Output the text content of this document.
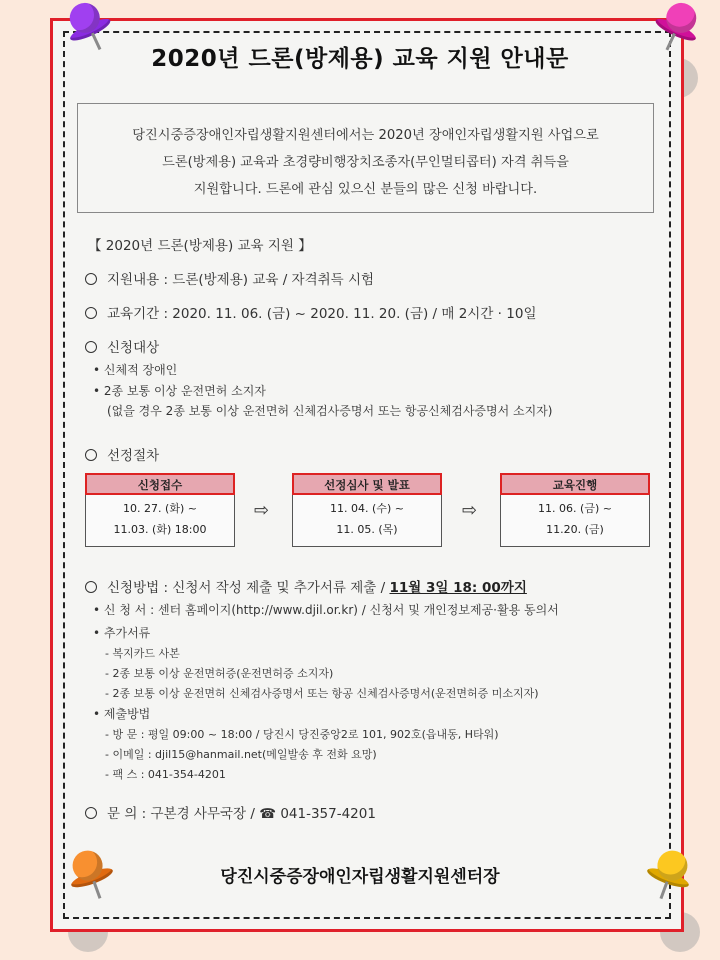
2020년 드론(방제용) 교육 지원 안내문
당진시중증장애인자립생활지원센터에서는 2020년 장애인자립생활지원 사업으로
드론(방제용) 교육과 초경량비행장치조종자(무인멀티콥터) 자격 취득을
지원합니다. 드론에 관심 있으신 분들의 많은 신청 바랍니다.
【 2020년 드론(방제용) 교육 지원 】
지원내용 : 드론(방제용) 교육 / 자격취득 시험
교육기간 : 2020. 11. 06. (금) ~ 2020. 11. 20. (금) / 매 2시간 · 10일
신청대상
• 신체적 장애인
• 2종 보통 이상 운전면허 소지자
(없을 경우 2종 보통 이상 운전면허 신체검사증명서 또는 항공신체검사증명서 소지자)
선정절차
신청접수
10. 27. (화) ~
11.03. (화) 18:00
⇨
선정심사 및 발표
11. 04. (수) ~
11. 05. (목)
⇨
교육진행
11. 06. (금) ~
11.20. (금)
신청방법 : 신청서 작성 제출 및 추가서류 제출 / 11월 3일 18: 00까지
• 신 청 서 : 센터 홈페이지(http://www.djil.or.kr) / 신청서 및 개인정보제공·활용 동의서
• 추가서류
- 복지카드 사본
- 2종 보통 이상 운전면허증(운전면허증 소지자)
- 2종 보통 이상 운전면허 신체검사증명서 또는 항공 신체검사증명서(운전면허증 미소지자)
• 제출방법
- 방 문 : 평일 09:00 ~ 18:00 / 당진시 당진중앙2로 101, 902호(읍내동, H타워)
- 이메일 : djil15@hanmail.net(메일발송 후 전화 요망)
- 팩 스 : 041-354-4201
문 의 : 구본경 사무국장 / ☎ 041-357-4201
당진시중증장애인자립생활지원센터장
